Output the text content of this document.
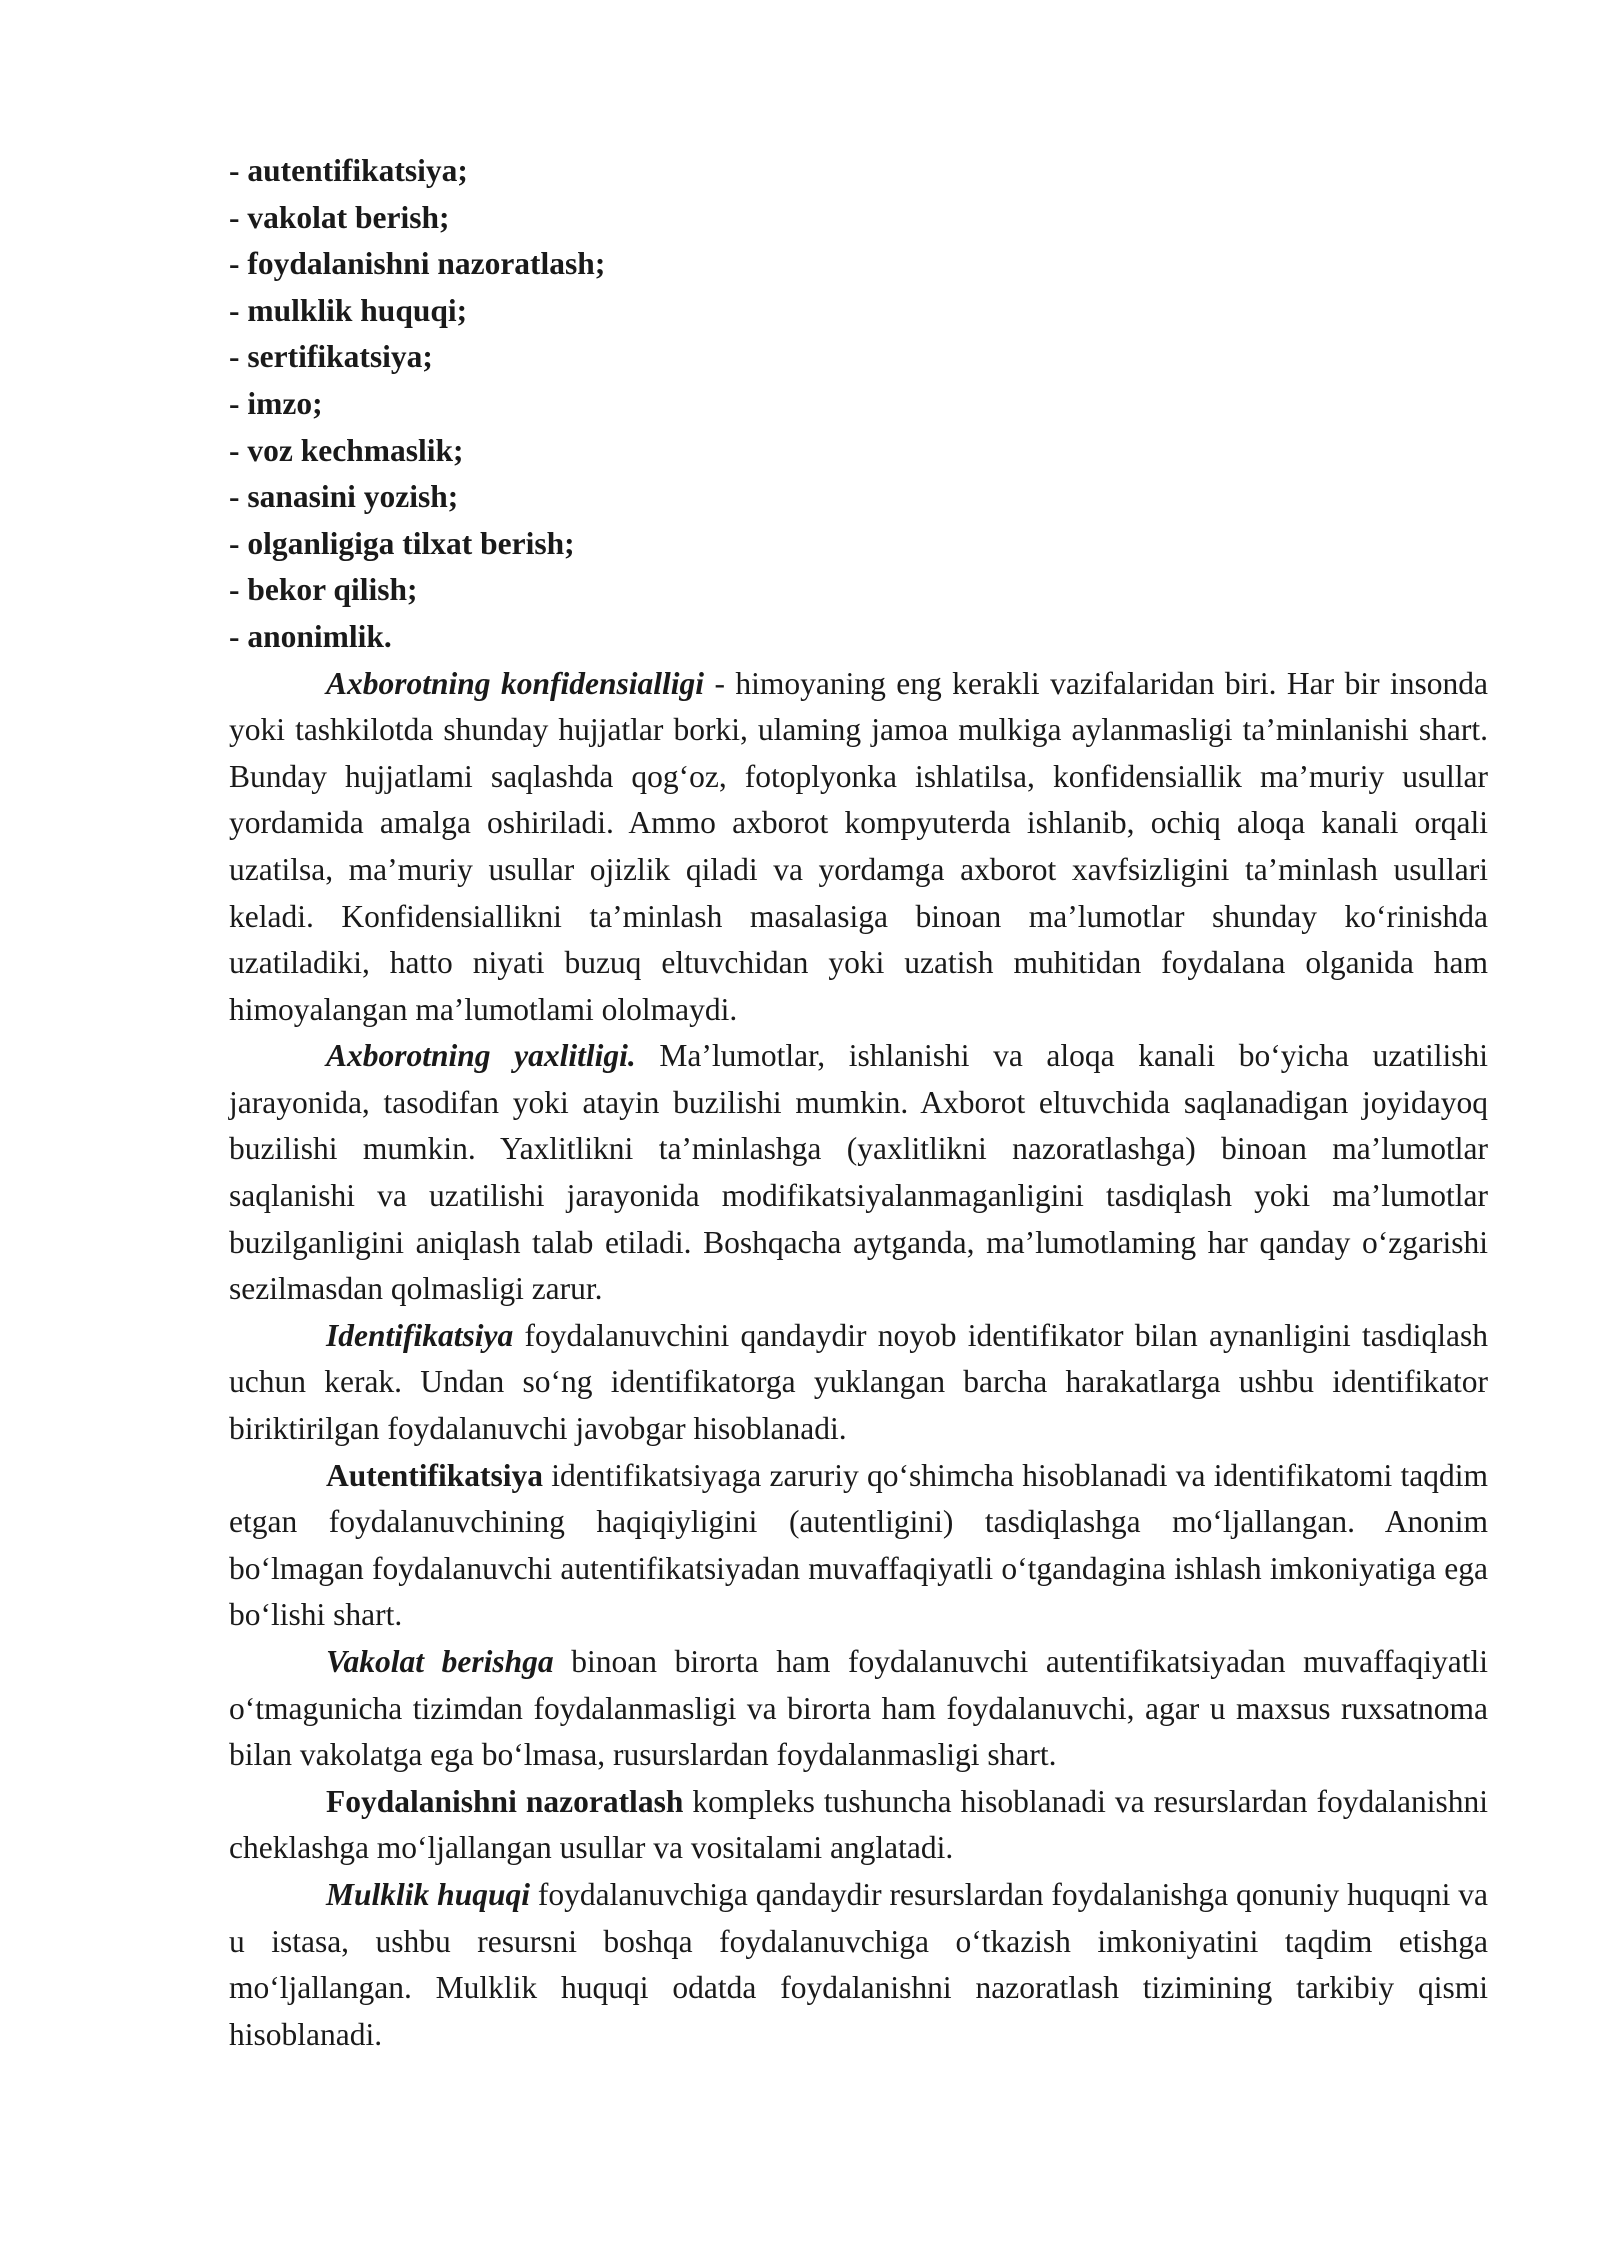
- autentifikatsiya;
- vakolat berish;
- foydalanishni nazoratlash;
- mulklik huquqi;
- sertifikatsiya;
- imzo;
- voz kechmaslik;
- sanasini yozish;
- olganligiga tilxat berish;
- bekor qilish;
- anonimlik.

Axborotning konfidensialligi - himoyaning eng kerakli vazifalaridan biri. Har bir insonda yoki tashkilotda shunday hujjatlar borki, ulaming jamoa mulkiga aylanmasligi ta’minlanishi shart. Bunday hujjatlami saqlashda qog‘oz, fotoplyonka ishlatilsa, konfidensiallik ma’muriy usullar yordamida amalga oshiriladi. Ammo axborot kompyuterda ishlanib, ochiq aloqa kanali orqali uzatilsa, ma’muriy usullar ojizlik qiladi va yordamga axborot xavfsizligini ta’minlash usullari keladi. Konfidensiallikni ta’minlash masalasiga binoan ma’lumotlar shunday ko‘rinishda uzatiladiki, hatto niyati buzuq eltuvchidan yoki uzatish muhitidan foydalana olganida ham himoyalangan ma’lumotlami ololmaydi.

Axborotning yaxlitligi. Ma’lumotlar, ishlanishi va aloqa kanali bo‘yicha uzatilishi jarayonida, tasodifan yoki atayin buzilishi mumkin. Axborot eltuvchida saqlanadigan joyidayoq buzilishi mumkin. Yaxlitlikni ta’minlashga (yaxlitlikni nazoratlashga) binoan ma’lumotlar saqlanishi va uzatilishi jarayonida modifikatsiyalanmaganligini tasdiqlash yoki ma’lumotlar buzilganligini aniqlash talab etiladi. Boshqacha aytganda, ma’lumotlaming har qanday o‘zgarishi sezilmasdan qolmasligi zarur.

Identifikatsiya foydalanuvchini qandaydir noyob identifikator bilan aynanligini tasdiqlash uchun kerak. Undan so‘ng identifikatorga yuklangan barcha harakatlarga ushbu identifikator biriktirilgan foydalanuvchi javobgar hisoblanadi.

Autentifikatsiya identifikatsiyaga zaruriy qo‘shimcha hisoblanadi va identifikatomi taqdim etgan foydalanuvchining haqiqiyligini (autentligini) tasdiqlashga mo‘ljallangan. Anonim bo‘lmagan foydalanuvchi autentifikatsiyadan muvaffaqiyatli o‘tgandagina ishlash imkoniyatiga ega bo‘lishi shart.

Vakolat berishga binoan birorta ham foydalanuvchi autentifikatsiyadan muvaffaqiyatli o‘tmagunicha tizimdan foydalanmasligi va birorta ham foydalanuvchi, agar u maxsus ruxsatnoma bilan vakolatga ega bo‘lmasa, rusurslardan foydalanmasligi shart.

Foydalanishni nazoratlash kompleks tushuncha hisoblanadi va resurslardan foydalanishni cheklashga mo‘ljallangan usullar va vositalami anglatadi.

Mulklik huquqi foydalanuvchiga qandaydir resurslardan foydalanishga qonuniy huquqni va u istasa, ushbu resursni boshqa foydalanuvchiga o‘tkazish imkoniyatini taqdim etishga mo‘ljallangan. Mulklik huquqi odatda foydalanishni nazoratlash tizimining tarkibiy qismi hisoblanadi.
